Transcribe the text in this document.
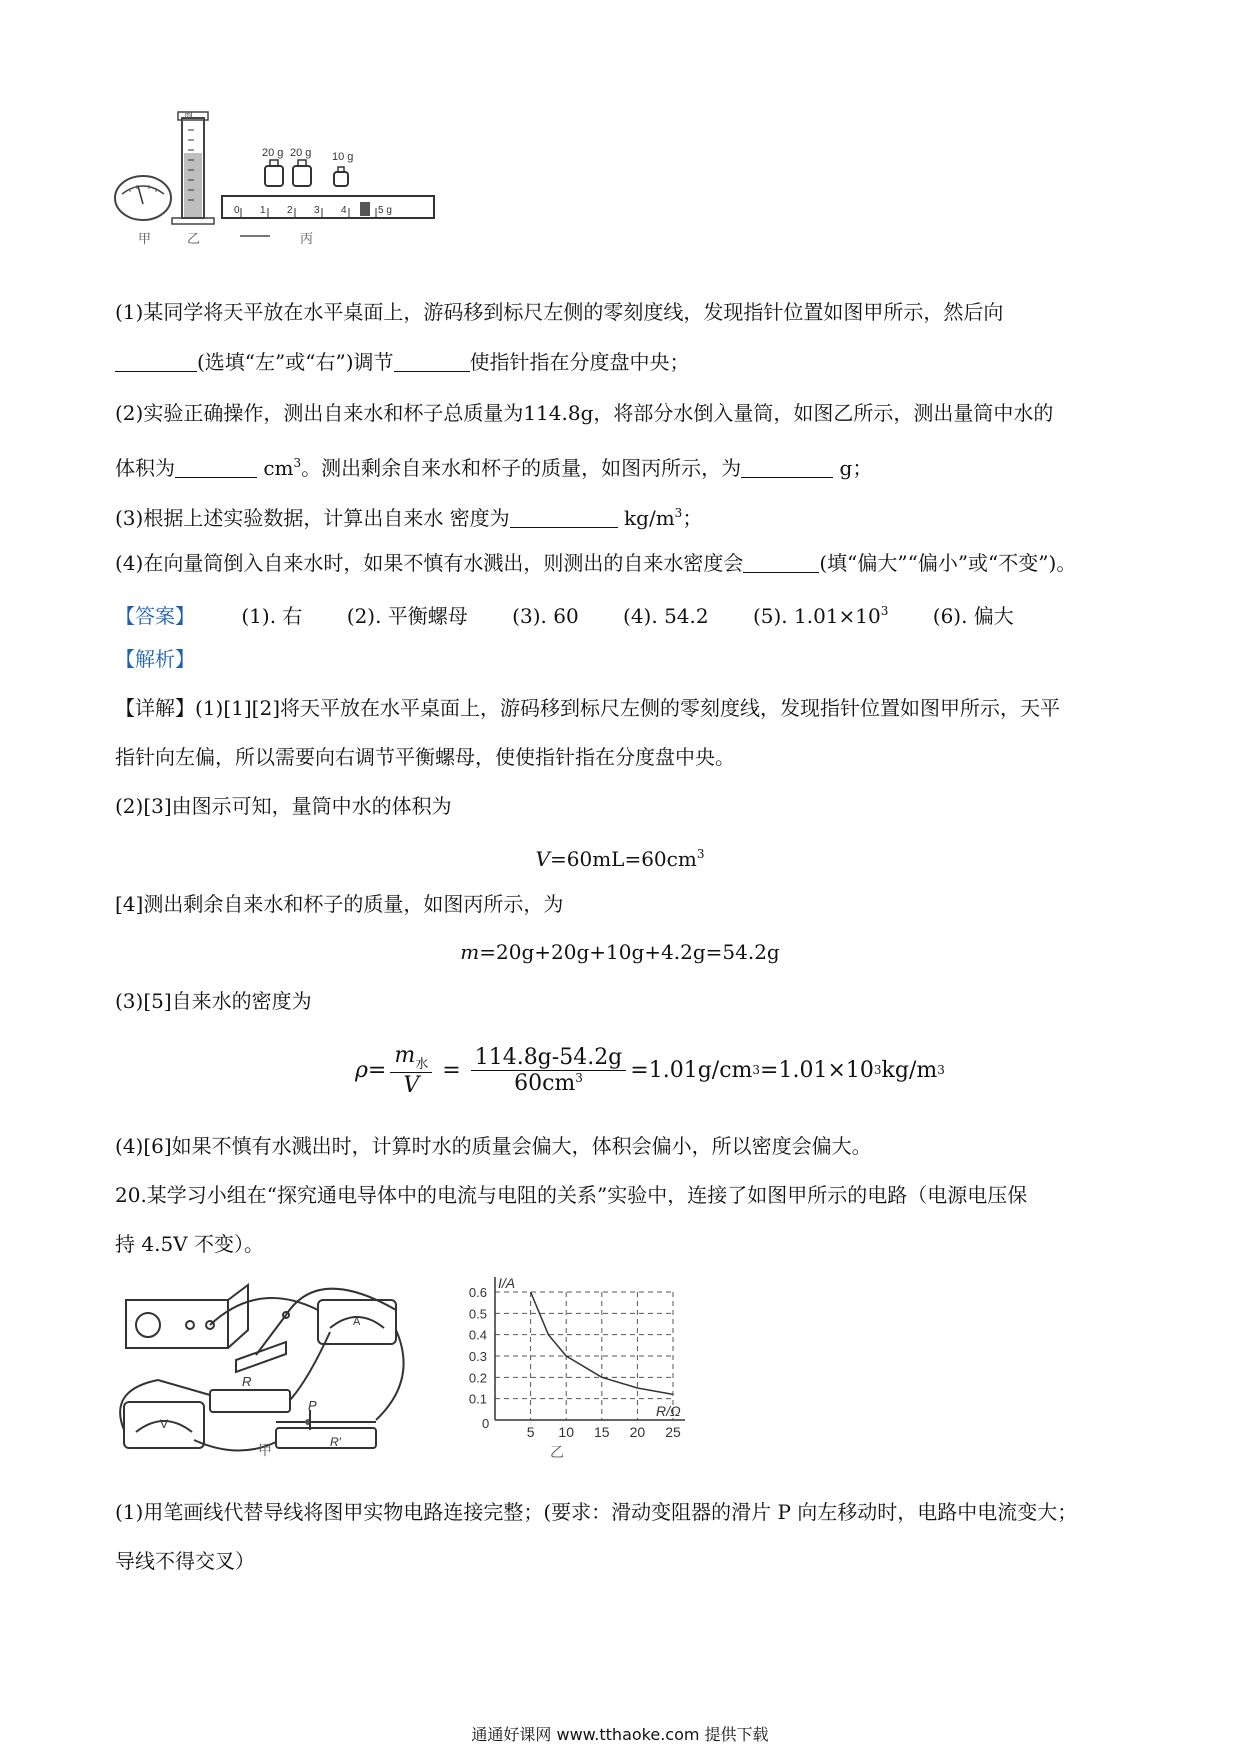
甲
ml
乙
20 g 20 g 10 g
0 1 2 3 4	5 g
丙
(1)某同学将天平放在水平桌面上，游码移到标尺左侧的零刻度线，发现指针位置如图甲所示，然后向
(选填“左”或“右”)调节	使指针指在分度盘中央；
(2)实验正确操作，测出自来水和杯子总质量为114.8g，将部分水倒入量筒，如图乙所示，测出量筒中水的
体积为	$cm^3$。测出剩余自来水和杯子的质量，如图丙所示，为	g；
(3)根据上述实验数据，计算出自来水 密度为	$kg/m^3$；
(4)在向量筒倒入自来水时，如果不慎有水溅出，则测出的自来水密度会	(填“偏大”“偏小”或“不变”)。
【答案】 (1). 右 (2). 平衡螺母 (3). 60 (4). 54.2 (5). $1.01\times 10^3$ (6). 偏大
【解析】
【详解】(1)[1][2]将天平放在水平桌面上，游码移到标尺左侧的零刻度线，发现指针位置如图甲所示，天平
指针向左偏，所以需要向右调节平衡螺母，使使指针指在分度盘中央。
(2)[3]由图示可知，量筒中水的体积为
$V=60mL=60cm^3$
[4]测出剩余自来水和杯子的质量，如图丙所示，为
m=20g+20g+10g+4.2g=54.2g
(3)[5]自来水的密度为
ρ=
$m_水$
V
= $\frac{114.8g-54.2g}{60cm^3} =1.01g/cm$ 3 =1.01×10 3 kg/m 3
(4)[6]如果不慎有水溅出时，计算时水的质量会偏大，体积会偏小，所以密度会偏大。
20.某学习小组在“探究通电导体中的电流与电阻的关系”实验中，连接了如图甲所示的电路（电源电压保
持 4.5V 不变）。
R
P
R′
V
A
甲
I/A
R/Ω
0
0.1
0.2
0.3
0.4
0.5
0.6
5 10 15 20 25
乙
(1)用笔画线代替导线将图甲实物电路连接完整；(要求：滑动变阻器的滑片 P 向左移动时，电路中电流变大；
导线不得交叉）
通通好课网 www.tthaoke.com 提供下载
